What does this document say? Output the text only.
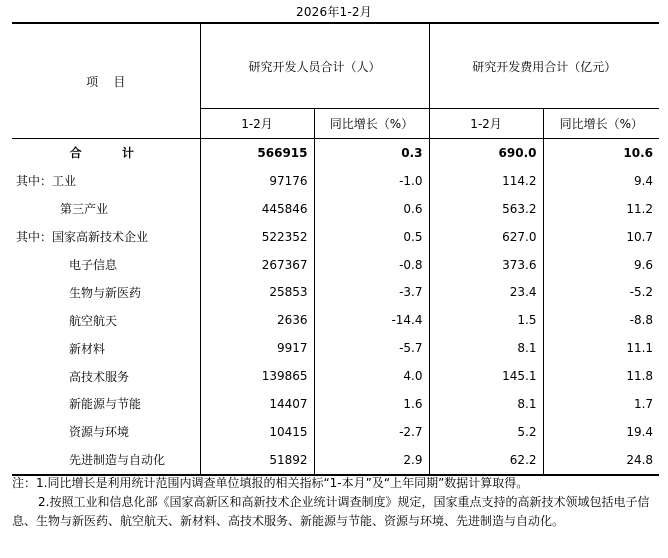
2026年1-2月
项    目	研究开发人员合计（人）		研究开发费用合计（亿元）	
	1-2月	同比增长（%）	1-2月	同比增长（%）
合 计	566915	0.3	690.0	10.6
其中：工业	97176	-1.0	114.2	9.4
第三产业	445846	0.6	563.2	11.2
其中：国家高新技术企业	522352	0.5	627.0	10.7
电子信息	267367	-0.8	373.6	9.6
生物与新医药	25853	-3.7	23.4	-5.2
航空航天	2636	-14.4	1.5	-8.8
新材料	9917	-5.7	8.1	11.1
高技术服务	139865	4.0	145.1	11.8
新能源与节能	14407	1.6	8.1	1.7
资源与环境	10415	-2.7	5.2	19.4
先进制造与自动化	51892	2.9	62.2	24.8

注：1.同比增长是利用统计范围内调查单位填报的相关指标“1-本月”及“上年同期”数据计算取得。

2.按照工业和信息化部《国家高新区和高新技术企业统计调查制度》规定，国家重点支持的高新技术领域包括电子信息、生物与新医药、航空航天、新材料、高技术服务、新能源与节能、资源与环境、先进制造与自动化。
